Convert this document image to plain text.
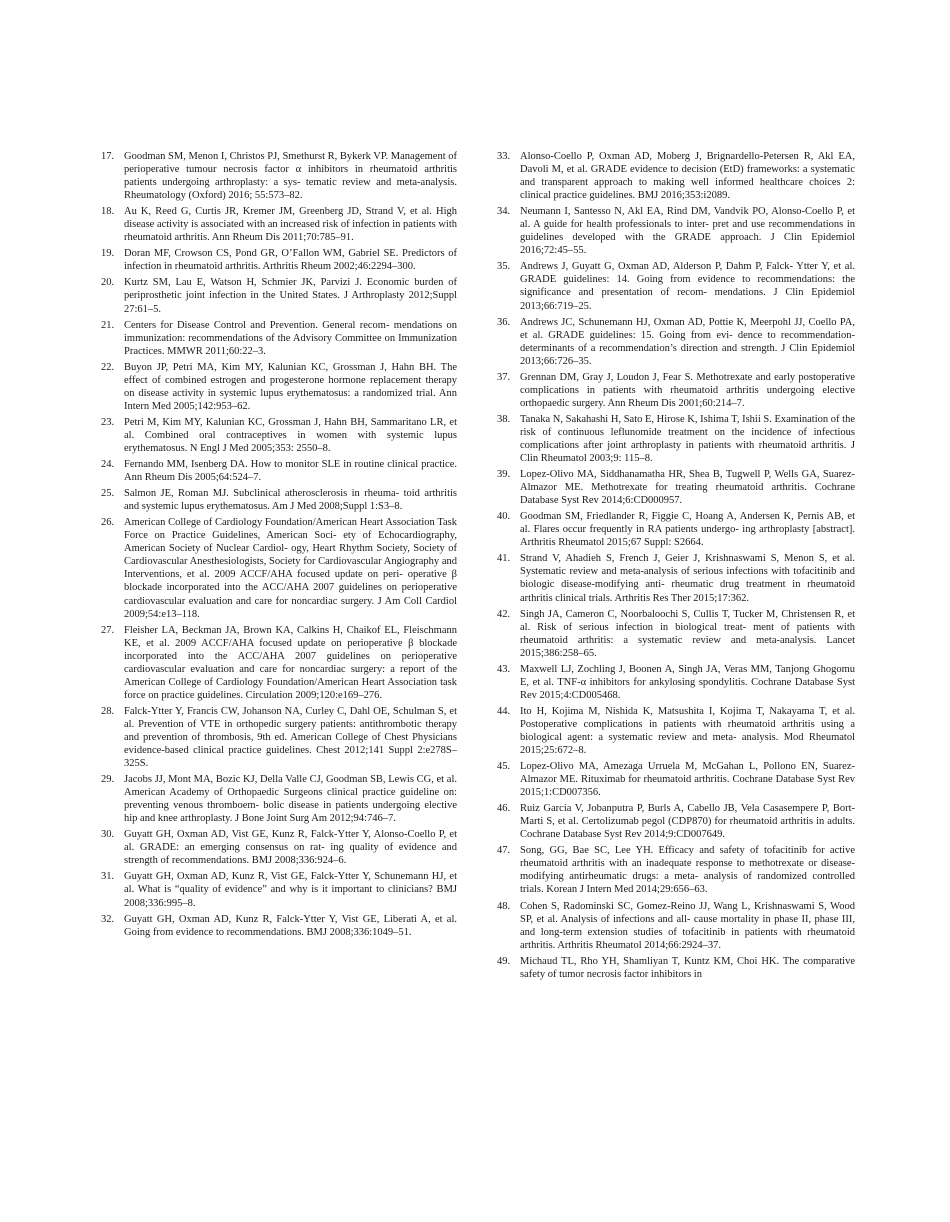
17. Goodman SM, Menon I, Christos PJ, Smethurst R, Bykerk VP. Management of perioperative tumour necrosis factor α inhibitors in rheumatoid arthritis patients undergoing arthroplasty: a sys- tematic review and meta-analysis. Rheumatology (Oxford) 2016; 55:573–82.
18. Au K, Reed G, Curtis JR, Kremer JM, Greenberg JD, Strand V, et al. High disease activity is associated with an increased risk of infection in patients with rheumatoid arthritis. Ann Rheum Dis 2011;70:785–91.
19. Doran MF, Crowson CS, Pond GR, O’Fallon WM, Gabriel SE. Predictors of infection in rheumatoid arthritis. Arthritis Rheum 2002;46:2294–300.
20. Kurtz SM, Lau E, Watson H, Schmier JK, Parvizi J. Economic burden of periprosthetic joint infection in the United States. J Arthroplasty 2012;Suppl 27:61–5.
21. Centers for Disease Control and Prevention. General recom- mendations on immunization: recommendations of the Advisory Committee on Immunization Practices. MMWR 2011;60:22–3.
22. Buyon JP, Petri MA, Kim MY, Kalunian KC, Grossman J, Hahn BH. The effect of combined estrogen and progesterone hormone replacement therapy on disease activity in systemic lupus erythematosus: a randomized trial. Ann Intern Med 2005;142:953–62.
23. Petri M, Kim MY, Kalunian KC, Grossman J, Hahn BH, Sammaritano LR, et al. Combined oral contraceptives in women with systemic lupus erythematosus. N Engl J Med 2005;353: 2550–8.
24. Fernando MM, Isenberg DA. How to monitor SLE in routine clinical practice. Ann Rheum Dis 2005;64:524–7.
25. Salmon JE, Roman MJ. Subclinical atherosclerosis in rheuma- toid arthritis and systemic lupus erythematosus. Am J Med 2008;Suppl 1:S3–8.
26. American College of Cardiology Foundation/American Heart Association Task Force on Practice Guidelines, American Soci- ety of Echocardiography, American Society of Nuclear Cardiol- ogy, Heart Rhythm Society, Society of Cardiovascular Anesthesiologists, Society for Cardiovascular Angiography and Interventions, et al. 2009 ACCF/AHA focused update on peri- operative β blockade incorporated into the ACC/AHA 2007 guidelines on perioperative cardiovascular evaluation and care for noncardiac surgery. J Am Coll Cardiol 2009;54:e13–118.
27. Fleisher LA, Beckman JA, Brown KA, Calkins H, Chaikof EL, Fleischmann KE, et al. 2009 ACCF/AHA focused update on perioperative β blockade incorporated into the ACC/AHA 2007 guidelines on perioperative cardiovascular evaluation and care for noncardiac surgery: a report of the American College of Cardiology Foundation/American Heart Association task force on practice guidelines. Circulation 2009;120:e169–276.
28. Falck-Ytter Y, Francis CW, Johanson NA, Curley C, Dahl OE, Schulman S, et al. Prevention of VTE in orthopedic surgery patients: antithrombotic therapy and prevention of thrombosis, 9th ed. American College of Chest Physicians evidence-based clinical practice guidelines. Chest 2012;141 Suppl 2:e278S–325S.
29. Jacobs JJ, Mont MA, Bozic KJ, Della Valle CJ, Goodman SB, Lewis CG, et al. American Academy of Orthopaedic Surgeons clinical practice guideline on: preventing venous thromboem- bolic disease in patients undergoing elective hip and knee arthroplasty. J Bone Joint Surg Am 2012;94:746–7.
30. Guyatt GH, Oxman AD, Vist GE, Kunz R, Falck-Ytter Y, Alonso-Coello P, et al. GRADE: an emerging consensus on rat- ing quality of evidence and strength of recommendations. BMJ 2008;336:924–6.
31. Guyatt GH, Oxman AD, Kunz R, Vist GE, Falck-Ytter Y, Schunemann HJ, et al. What is “quality of evidence” and why is it important to clinicians? BMJ 2008;336:995–8.
32. Guyatt GH, Oxman AD, Kunz R, Falck-Ytter Y, Vist GE, Liberati A, et al. Going from evidence to recommendations. BMJ 2008;336:1049–51.
33. Alonso-Coello P, Oxman AD, Moberg J, Brignardello-Petersen R, Akl EA, Davoli M, et al. GRADE evidence to decision (EtD) frameworks: a systematic and transparent approach to making well informed healthcare choices 2: clinical practice guidelines. BMJ 2016;353:i2089.
34. Neumann I, Santesso N, Akl EA, Rind DM, Vandvik PO, Alonso-Coello P, et al. A guide for health professionals to inter- pret and use recommendations in guidelines developed with the GRADE approach. J Clin Epidemiol 2016;72:45–55.
35. Andrews J, Guyatt G, Oxman AD, Alderson P, Dahm P, Falck- Ytter Y, et al. GRADE guidelines: 14. Going from evidence to recommendations: the significance and presentation of recom- mendations. J Clin Epidemiol 2013;66:719–25.
36. Andrews JC, Schunemann HJ, Oxman AD, Pottie K, Meerpohl JJ, Coello PA, et al. GRADE guidelines: 15. Going from evi- dence to recommendation-determinants of a recommendation’s direction and strength. J Clin Epidemiol 2013;66:726–35.
37. Grennan DM, Gray J, Loudon J, Fear S. Methotrexate and early postoperative complications in patients with rheumatoid arthritis undergoing elective orthopaedic surgery. Ann Rheum Dis 2001;60:214–7.
38. Tanaka N, Sakahashi H, Sato E, Hirose K, Ishima T, Ishii S. Examination of the risk of continuous leflunomide treatment on the incidence of infectious complications after joint arthroplasty in patients with rheumatoid arthritis. J Clin Rheumatol 2003;9: 115–8.
39. Lopez-Olivo MA, Siddhanamatha HR, Shea B, Tugwell P, Wells GA, Suarez-Almazor ME. Methotrexate for treating rheumatoid arthritis. Cochrane Database Syst Rev 2014;6:CD000957.
40. Goodman SM, Friedlander R, Figgie C, Hoang A, Andersen K, Pernis AB, et al. Flares occur frequently in RA patients undergo- ing arthroplasty [abstract]. Arthritis Rheumatol 2015;67 Suppl: S2664.
41. Strand V, Ahadieh S, French J, Geier J, Krishnaswami S, Menon S, et al. Systematic review and meta-analysis of serious infections with tofacitinib and biologic disease-modifying anti- rheumatic drug treatment in rheumatoid arthritis clinical trials. Arthritis Res Ther 2015;17:362.
42. Singh JA, Cameron C, Noorbaloochi S, Cullis T, Tucker M, Christensen R, et al. Risk of serious infection in biological treat- ment of patients with rheumatoid arthritis: a systematic review and meta-analysis. Lancet 2015;386:258–65.
43. Maxwell LJ, Zochling J, Boonen A, Singh JA, Veras MM, Tanjong Ghogomu E, et al. TNF-α inhibitors for ankylosing spondylitis. Cochrane Database Syst Rev 2015;4:CD005468.
44. Ito H, Kojima M, Nishida K, Matsushita I, Kojima T, Nakayama T, et al. Postoperative complications in patients with rheumatoid arthritis using a biological agent: a systematic review and meta- analysis. Mod Rheumatol 2015;25:672–8.
45. Lopez-Olivo MA, Amezaga Urruela M, McGahan L, Pollono EN, Suarez-Almazor ME. Rituximab for rheumatoid arthritis. Cochrane Database Syst Rev 2015;1:CD007356.
46. Ruiz Garcia V, Jobanputra P, Burls A, Cabello JB, Vela Casasempere P, Bort-Marti S, et al. Certolizumab pegol (CDP870) for rheumatoid arthritis in adults. Cochrane Database Syst Rev 2014;9:CD007649.
47. Song, GG, Bae SC, Lee YH. Efficacy and safety of tofacitinib for active rheumatoid arthritis with an inadequate response to methotrexate or disease-modifying antirheumatic drugs: a meta- analysis of randomized controlled trials. Korean J Intern Med 2014;29:656–63.
48. Cohen S, Radominski SC, Gomez-Reino JJ, Wang L, Krishnaswami S, Wood SP, et al. Analysis of infections and all- cause mortality in phase II, phase III, and long-term extension studies of tofacitinib in patients with rheumatoid arthritis. Arthritis Rheumatol 2014;66:2924–37.
49. Michaud TL, Rho YH, Shamliyan T, Kuntz KM, Choi HK. The comparative safety of tumor necrosis factor inhibitors in
